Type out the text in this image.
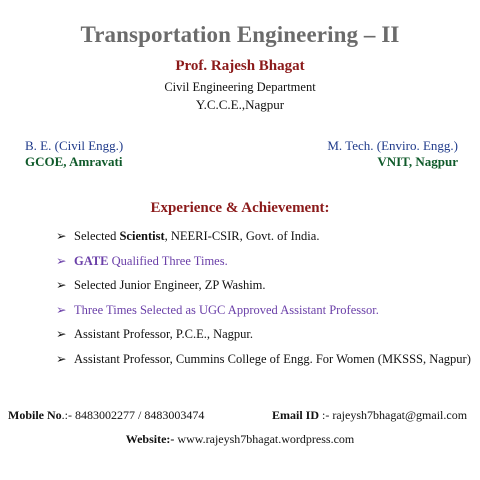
Transportation Engineering – II
Prof. Rajesh Bhagat
Civil Engineering Department
Y.C.C.E.,Nagpur
B. E. (Civil Engg.)
GCOE, Amravati
M. Tech. (Enviro. Engg.)
VNIT, Nagpur
Experience & Achievement:
➢ Selected Scientist, NEERI-CSIR, Govt. of India.
➢ GATE Qualified Three Times.
➢ Selected Junior Engineer, ZP Washim.
➢ Three Times Selected as UGC Approved Assistant Professor.
➢ Assistant Professor, P.C.E., Nagpur.
➢ Assistant Professor, Cummins College of Engg. For Women (MKSSS, Nagpur)
Mobile No.:- 8483002277 / 8483003474	Email ID :- rajeysh7bhagat@gmail.com
Website:- www.rajeysh7bhagat.wordpress.com
